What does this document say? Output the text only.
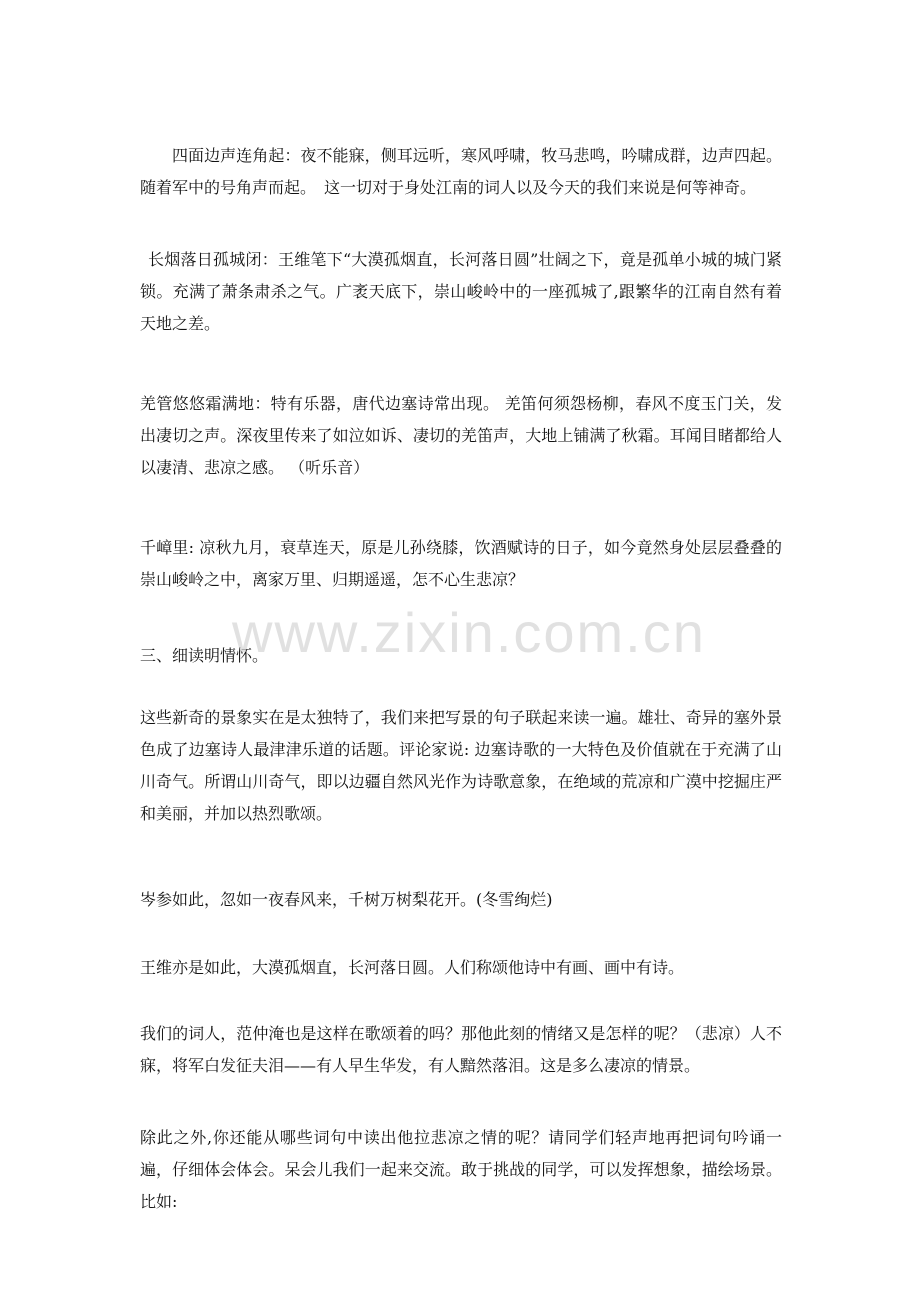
四面边声连角起：夜不能寐，侧耳远听，寒风呼啸，牧马悲鸣，吟啸成群，边声四起。随着军中的号角声而起。　这一切对于身处江南的词人以及今天的我们来说是何等神奇。

长烟落日孤城闭：王维笔下“大漠孤烟直，长河落日圆”壮阔之下，竟是孤单小城的城门紧锁。充满了萧条肃杀之气。广袤天底下，崇山峻岭中的一座孤城了,跟繁华的江南自然有着天地之差。

羌管悠悠霜满地：特有乐器，唐代边塞诗常出现。 羌笛何须怨杨柳，春风不度玉门关，发出凄切之声。深夜里传来了如泣如诉、凄切的羌笛声，大地上铺满了秋霜。耳闻目睹都给人以凄清、悲凉之感。 （听乐音）

千嶂里: 凉秋九月，衰草连天，原是儿孙绕膝，饮酒赋诗的日子，如今竟然身处层层叠叠的崇山峻岭之中，离家万里、归期遥遥，怎不心生悲凉？

三、细读明情怀。

这些新奇的景象实在是太独特了，我们来把写景的句子联起来读一遍。雄壮、奇异的塞外景色成了边塞诗人最津津乐道的话题。评论家说: 边塞诗歌的一大特色及价值就在于充满了山川奇气。所谓山川奇气，即以边疆自然风光作为诗歌意象，在绝域的荒凉和广漠中挖掘庄严和美丽，并加以热烈歌颂。

岑参如此，忽如一夜春风来，千树万树梨花开。(冬雪绚烂)

王维亦是如此，大漠孤烟直，长河落日圆。人们称颂他诗中有画、画中有诗。

我们的词人，范仲淹也是这样在歌颂着的吗？那他此刻的情绪又是怎样的呢？（悲凉）人不寐，将军白发征夫泪——有人早生华发，有人黯然落泪。这是多么凄凉的情景。

除此之外,你还能从哪些词句中读出他拉悲凉之情的呢？请同学们轻声地再把词句吟诵一遍，仔细体会体会。呆会儿我们一起来交流。敢于挑战的同学，可以发挥想象，描绘场景。比如:

www.zixin.com.cn
